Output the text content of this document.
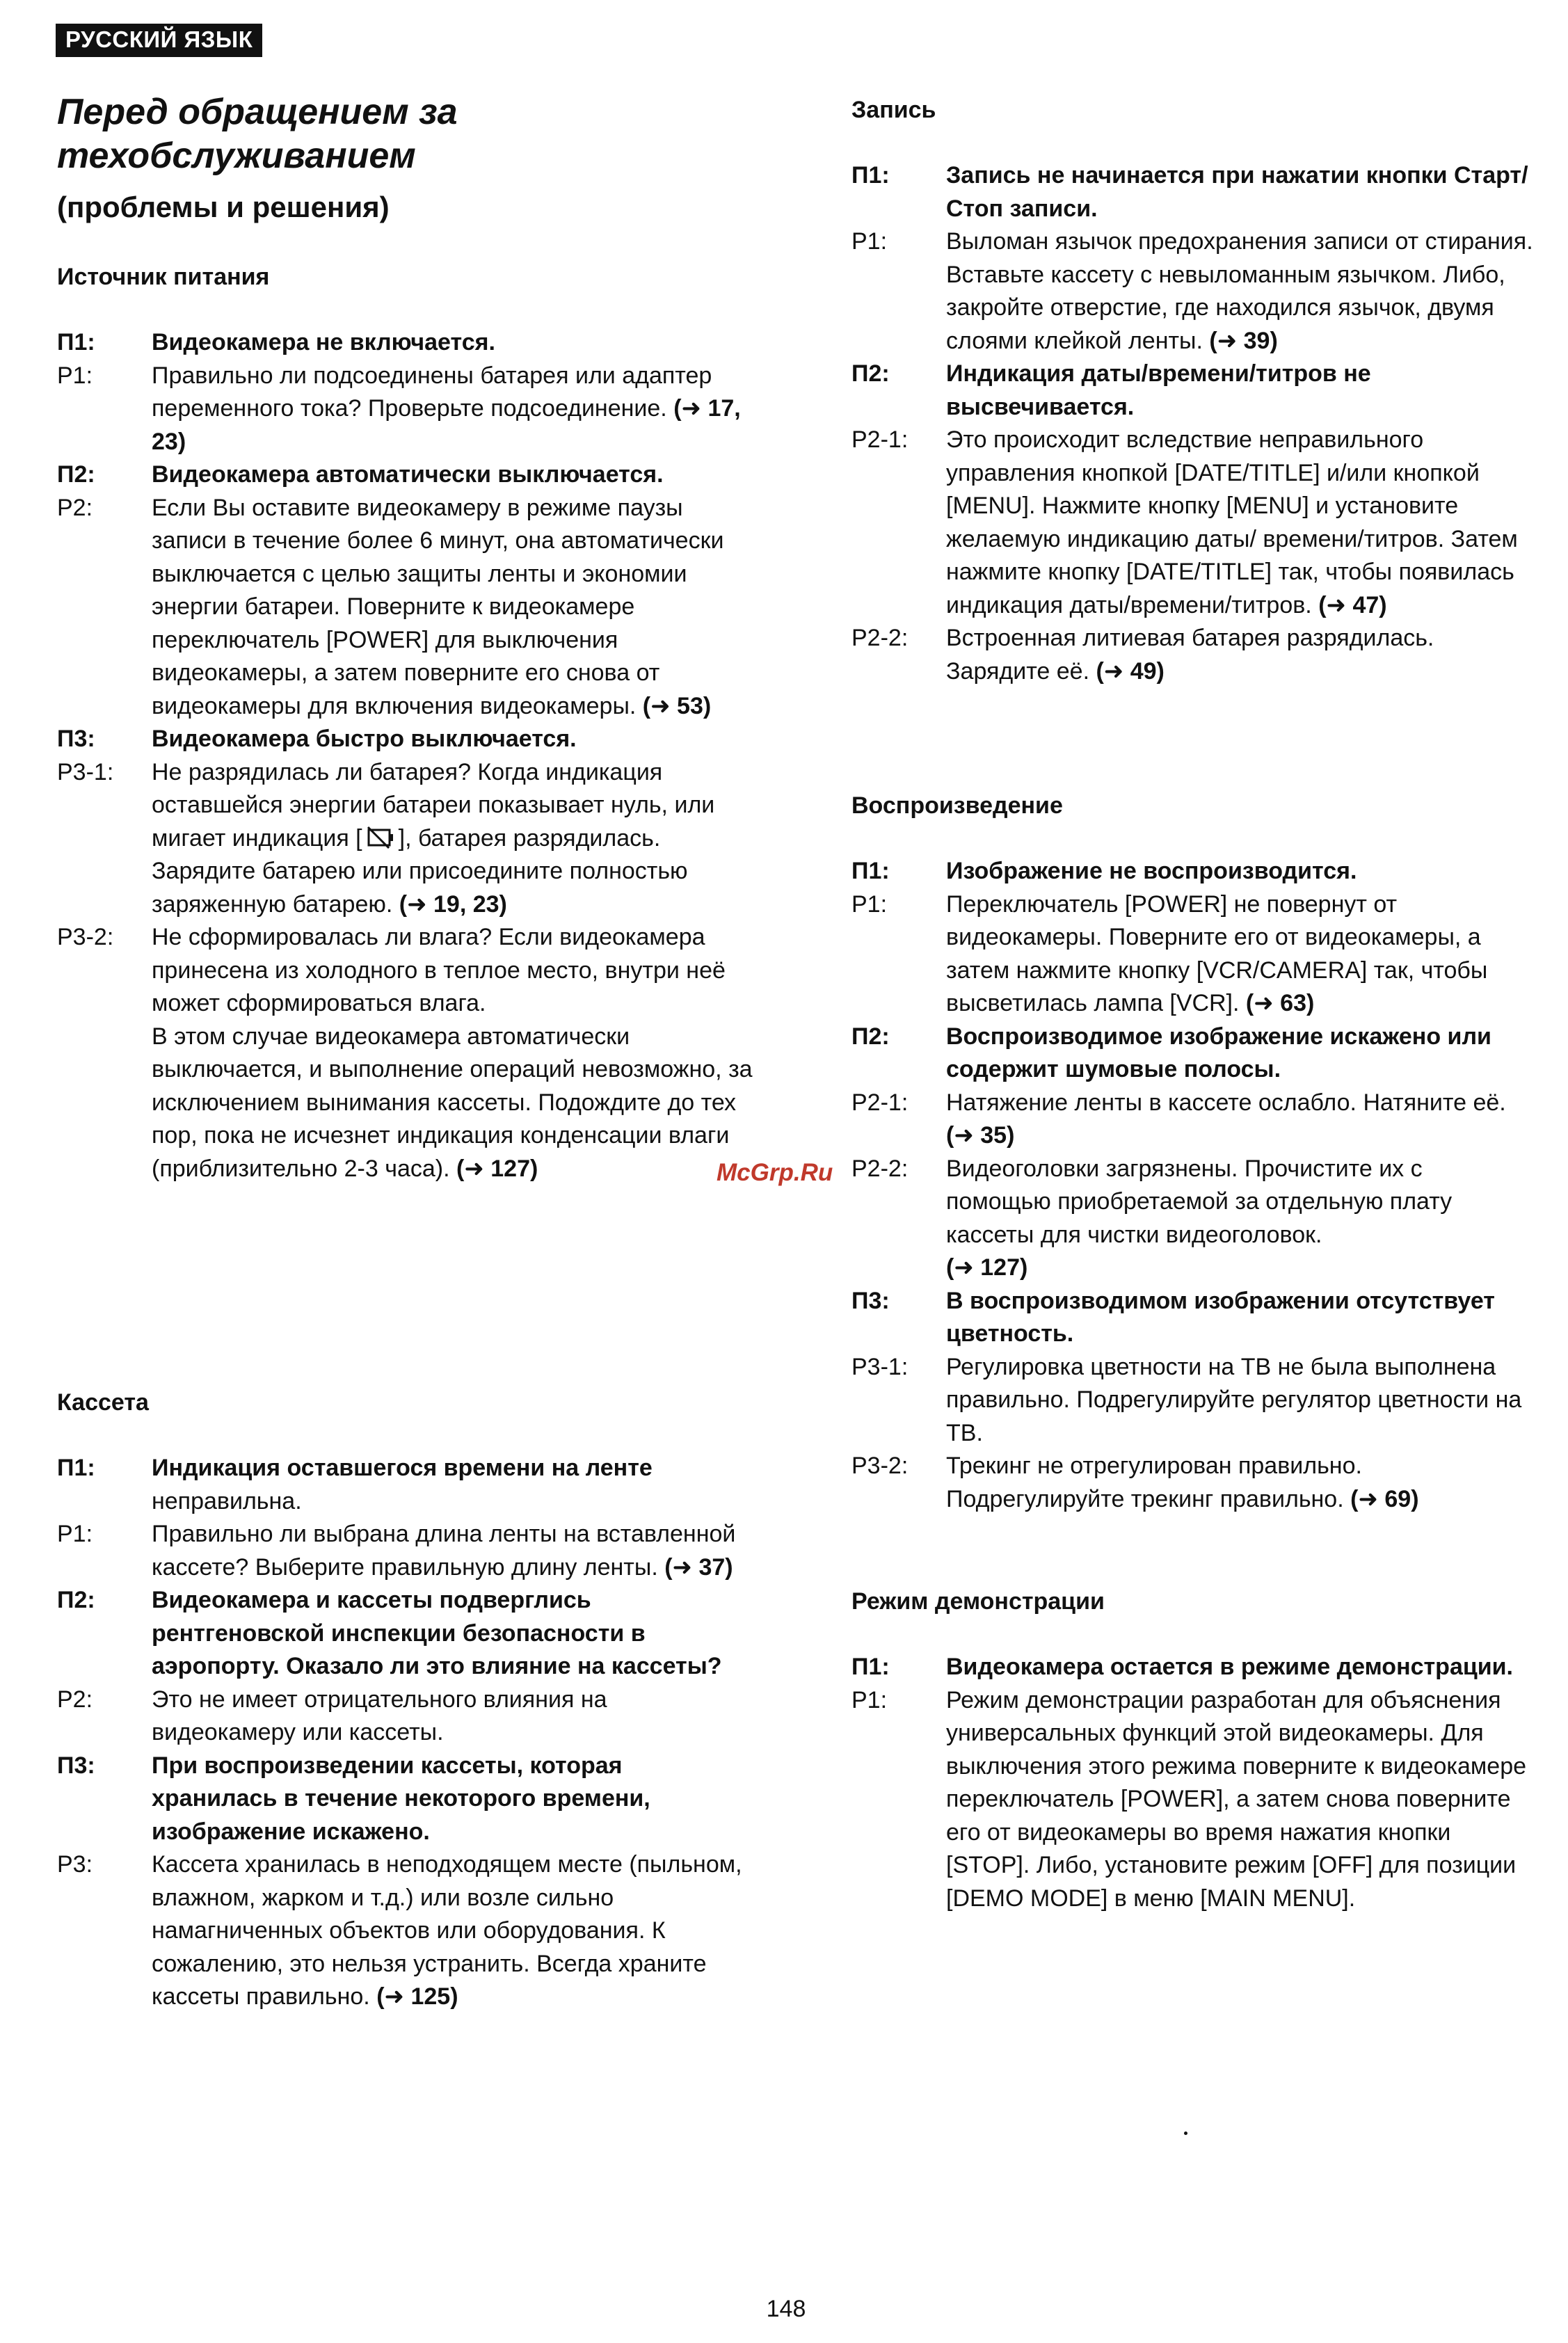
РУССКИЙ ЯЗЫК
Перед обращением за
техобслуживанием
(проблемы и решения)
Источник питания
П1:	Видеокамера не включается.
Р1:	Правильно ли подсоединены батарея или адаптер переменного тока? Проверьте подсоединение. (➜ 17, 23)
П2:	Видеокамера автоматически выключается.
Р2:	Если Вы оставите видеокамеру в режиме паузы записи в течение более 6 минут, она автоматически выключается с целью защиты ленты и экономии энергии батареи. Поверните к видеокамере переключатель [POWER] для выключения видеокамеры, а затем поверните его снова от видеокамеры для включения видеокамеры. (➜ 53)
П3:	Видеокамера быстро выключается.
Р3-1:	Не разрядилась ли батарея? Когда индикация оставшейся энергии батареи показывает нуль, или мигает индикация [ ], батарея разрядилась. Зарядите батарею или присоедините полностью заряженную батарею. (➜ 19, 23)
Р3-2:	Не сформировалась ли влага? Если видеокамера принесена из холодного в теплое место, внутри неё может сформироваться влага.
В этом случае видеокамера автоматически выключается, и выполнение операций невозможно, за исключением вынимания кассеты. Подождите до тех пор, пока не исчезнет индикация конденсации влаги (приблизительно 2-3 часа). (➜ 127)
Кассета
П1:	Индикация оставшегося времени на ленте
неправильна.
Р1:	Правильно ли выбрана длина ленты на вставленной кассете? Выберите правильную длину ленты. (➜ 37)
П2:	Видеокамера и кассеты подверглись рентгеновской инспекции безопасности в аэропорту. Оказало ли это влияние на кассеты?
Р2:	Это не имеет отрицательного влияния на видеокамеру или кассеты.
П3:	При воспроизведении кассеты, которая хранилась в течение некоторого времени, изображение искажено.
Р3:	Кассета хранилась в неподходящем месте (пыльном, влажном, жарком и т.д.) или возле сильно намагниченных объектов или оборудования. К сожалению, это нельзя устранить. Всегда храните кассеты правильно. (➜ 125)
Запись
П1:	Запись не начинается при нажатии кнопки Старт/Стоп записи.
Р1:	Выломан язычок предохранения записи от стирания. Вставьте кассету с невыломанным язычком. Либо, закройте отверстие, где находился язычок, двумя слоями клейкой ленты. (➜ 39)
П2:	Индикация даты/времени/титров не высвечивается.
Р2-1:	Это происходит вследствие неправильного управления кнопкой [DATE/TITLE] и/или кнопкой [MENU]. Нажмите кнопку [MENU] и установите желаемую индикацию даты/ времени/титров. Затем нажмите кнопку [DATE/TITLE] так, чтобы появилась индикация даты/времени/титров. (➜ 47)
Р2-2:	Встроенная литиевая батарея разрядилась. Зарядите её. (➜ 49)
Воспроизведение
П1:	Изображение не воспроизводится.
Р1:	Переключатель [POWER] не повернут от видеокамеры. Поверните его от видеокамеры, а затем нажмите кнопку [VCR/CAMERA] так, чтобы высветилась лампа [VCR]. (➜ 63)
П2:	Воспроизводимое изображение искажено или содержит шумовые полосы.
Р2-1:	Натяжение ленты в кассете ослабло. Натяните её. (➜ 35)
Р2-2:	Видеоголовки загрязнены. Прочистите их с помощью приобретаемой за отдельную плату кассеты для чистки видеоголовок.
(➜ 127)
П3:	В воспроизводимом изображении отсутствует цветность.
Р3-1:	Регулировка цветности на ТВ не была выполнена правильно. Подрегулируйте регулятор цветности на ТВ.
Р3-2:	Трекинг не отрегулирован правильно. Подрегулируйте трекинг правильно. (➜ 69)
Режим демонстрации
П1:	Видеокамера остается в режиме демонстрации.
Р1:	Режим демонстрации разработан для объяснения универсальных функций этой видеокамеры. Для выключения этого режима поверните к видеокамере переключатель [POWER], а затем снова поверните его от видеокамеры во время нажатия кнопки [STOP]. Либо, установите режим [OFF] для позиции [DEMO MODE] в меню [MAIN MENU].
McGrp.Ru
148
